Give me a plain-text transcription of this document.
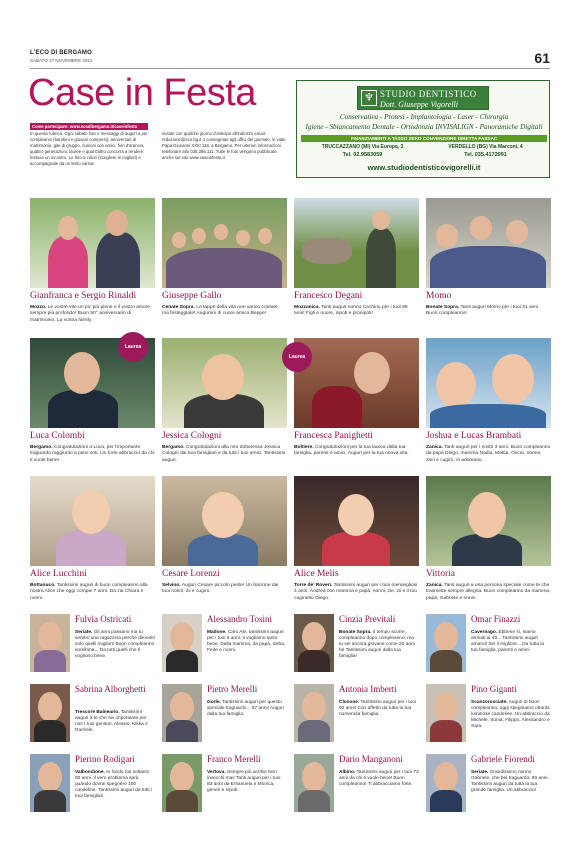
L'ECO DI BERGAMO
SABATO 27 NOVEMBRE 2021	61
Case in Festa
Come partecipare: www.ecodibergamo.it/caseinfesta
In questa rubrica. Ogni sabato foto e messaggi di auguri a per compleanni (bambini e giovani compresi), anniversari di matrimonio, gite di gruppo, riunioni con amici, fiori d'arancio, quattro generazioni, lauree e quant'altro concorra a rendere festoso un incontro. Le foto a colori (scegliete le migliori) e accompagnate da un testo varrae
inviate con qualche giorno d'anticipo all'indirizzo email: redazione@eco.bg.it o consegnate agli uffici del giornale, in viale Papa Giovanni XXIII 118, a Bergamo. Per ulteriori informazioni telefonare allo 035.386.111. Tutte le foto vengono pubblicate anche sul sito www.caseinfesta.it
♆ STUDIO DENTISTICO
Dott. Giuseppe Vigorelli
Conservativa - Protesi - Implantologia - Laser - Chirurgia
Igiene - Sbiancamento Dentale - Ortodonzia INVISALIGN - Panoramiche Digitali
FINANZIAMENTI A TASSO ZERO CONVENZIONE DIRETTA FASDAC
TRUCCAZZANO (MI) Via Europa, 3
Tel. 02.9583059
VERDELLO (BG) Via Marconi, 4
Tel. 035.4172991
www.studiodentisticovigorelli.it
Gianfranca e Sergio Rinaldi
Mozzo. Le vostre vite un po' più piene e il vostro amore sempre più profondo! Buon 50° anniversario di matrimonio. La vostra family.
Giuseppe Gallo
Cenate Sopra. Le tappe della vita non vanno contate, ma festeggiate! Auguroni di cuore amico Beppe!
Francesco Degani
Mozzanica. Tanti auguri nonno Cechino per i tuoi 99 anni! Figli e nuore, nipoti e pronipoti!
Momo
Bonate Sopra. Tanti auguri Momo per i tuoi 31 anni. Buon compleanno!
Laurea
Luca Colombi
Bergamo. Congratulazioni a Luca, per l'importante traguardo raggiunto a pieni voti. Un forte abbraccio da chi ti vuole bene!
Jessica Cologni
Bergamo. Congratulazioni alla neo dottoressa Jessica Cologni dai tuoi famigliari e da tutti i tuoi amici. Tantissimi auguri.
Laurea
Francesca Panighetti
Boltiere. Congratulazioni per la tua laurea dalla tua famiglia, parenti e amici. Auguri per la tua nuova vita.
Joshua e Lucas Brambati
Zanica. Tanti auguri per i vostri 3 anni. Buon compleanno da papà Diego, mamma Nadia, Mattia, Oscar, nonne, zie/i e cugini. Vi adoriamo.
Alice Lucchini
Bottanuco. Tantissimi auguri di buon compleanno alla nostra Alice che oggi compie 7 anni. Da zia Chiara e nonni.
Cesare Lorenzi
Selvino. Auguri Cesare piccolo peste! Un bacione dai tuoi nonni, zii e cugini.
Alice Melis
Torre de' Roveri. Tantissimi auguri per i tuoi meravigliosi 4 anni. Andrea con mamma e papà, nonni, zie, zii e il tuo cuginetto Diego.
Vittoria
Zanica. Tanti auguri a una persona speciale come te che trasmette sempre allegria. Buon compleanno da mamma, papà, Gabriele e nonni.
Fulvia Ostricati
Seriate. Gli anni passano ma tu sembri una ragazzina perché dimostri solo quelli migliori! Buon compleanno sorellona... Da tutti quelli che ti vogliono bene.
Alessandro Tosini
Madone. Caro Ale, tantissimi auguri per i tuoi 6 anni, ti vogliamo tanto bene. Dalla mamma, da papà, Seba, Fede e nonni.
Cinzia Previtali
Bonate Sopra. Il tempo scorre, compleanno dopo compleanno, ma tu sei ancora giovane come 20 anni fa! Tantissimi auguri dalla tua famiglia!
Omar Finazzi
Cavernago. Ebbene sì, siamo arrivati ai 40... Tantissimi auguri amarul! Sei il migliore... Da tutta la tua famiglia, parenti e amici.
Sabrina Alborghetti
Trescore Balneario. Tantissimi auguri a te che sei importante per noi! I tuoi genitori, Alessio, Kikka e Rachele.
Pietro Merelli
Gorle. Tantissimi auguri per questo speciale traguardo... 87 anni! Auguri dalla tua famiglia.
Antonia Imberti
Clusone. Tantissimi auguri per i tuoi 90 anni! Con affetto da tutta la tua numerosa famiglia.
Pino Giganti
Scanzorosciate. Auguri di buon compleanno, oggi spegniamo ottanta luminose candeline. Un abbraccio da Michele, Sonia, Filippo, Alessandro e Sara.
Pierino Rodigari
Valbondione. In fondo hai soltanto 80 anni. Il vero problema sarà quando dovrai spegnere 100 candeline. Tantissimi auguri da tutti i tuoi famigliari.
Franco Merelli
Vertova. Sempre più arzillo! Non invecchi mai! Tanti auguri per i tuoi 83 anni da Emanuela e Monica, generi e nipoti.
Dario Manganoni
Albino. Tantissimi auguri per i tuoi 73 anni da chi ti vuole bene! Buon compleanno! Ti abbracciamo forte.
Gabriele Fiorendi
Seriate. Grandissimo nonno Gabriele, che bel traguardo: 90 anni. Tantissimi auguri da tutta la tua grande famiglia. Un abbraccio!
